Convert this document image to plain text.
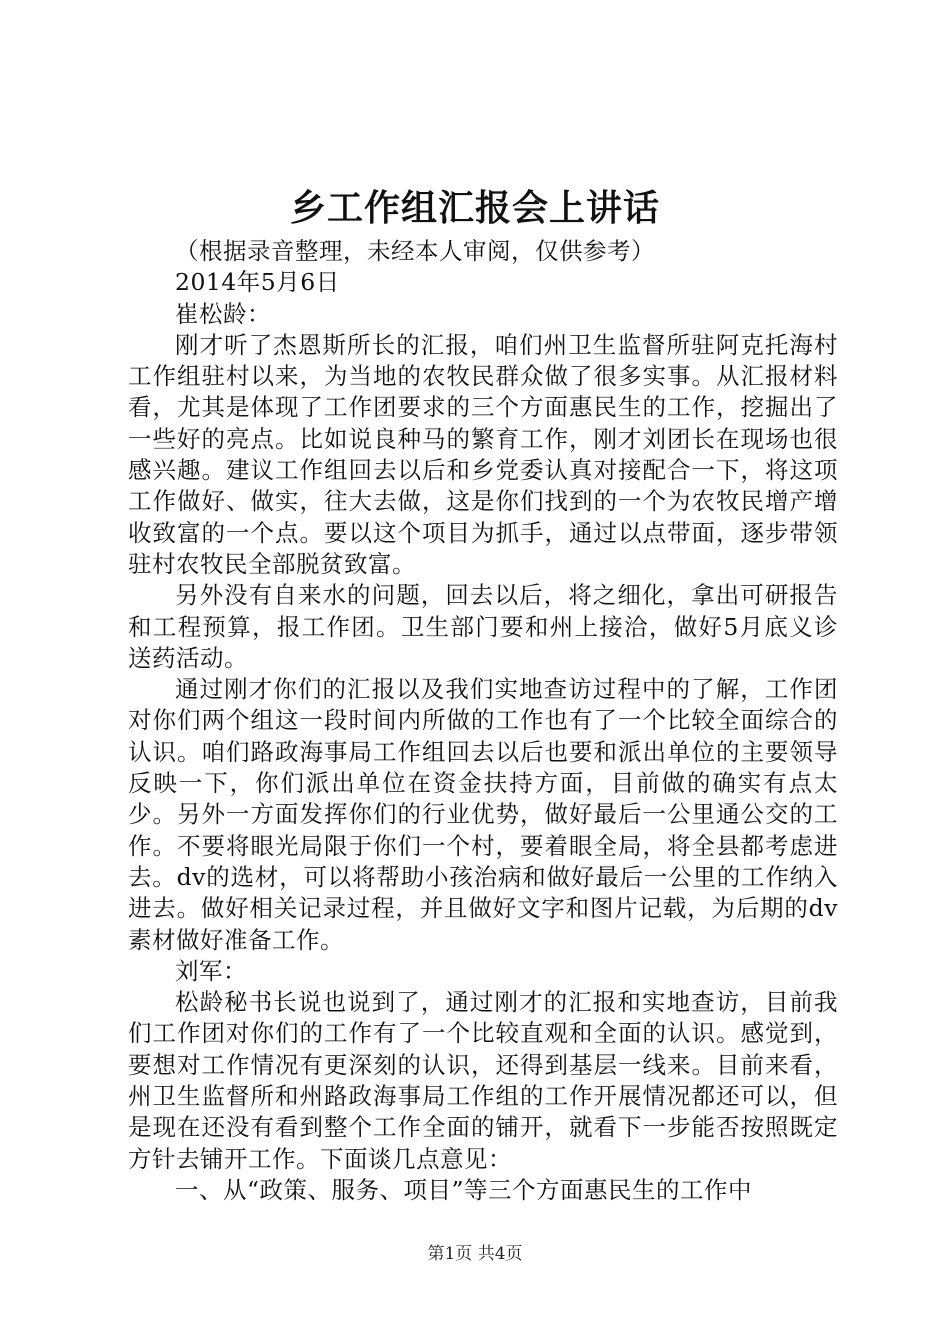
乡工作组汇报会上讲话

（根据录音整理，未经本人审阅，仅供参考）

2014年5月6日

崔松龄：

刚才听了杰恩斯所长的汇报，咱们州卫生监督所驻阿克托海村工作组驻村以来，为当地的农牧民群众做了很多实事。从汇报材料看，尤其是体现了工作团要求的三个方面惠民生的工作，挖掘出了一些好的亮点。比如说良种马的繁育工作，刚才刘团长在现场也很感兴趣。建议工作组回去以后和乡党委认真对接配合一下，将这项工作做好、做实，往大去做，这是你们找到的一个为农牧民增产增收致富的一个点。要以这个项目为抓手，通过以点带面，逐步带领驻村农牧民全部脱贫致富。

另外没有自来水的问题，回去以后，将之细化，拿出可研报告和工程预算，报工作团。卫生部门要和州上接洽，做好5月底义诊送药活动。

通过刚才你们的汇报以及我们实地查访过程中的了解，工作团对你们两个组这一段时间内所做的工作也有了一个比较全面综合的认识。咱们路政海事局工作组回去以后也要和派出单位的主要领导反映一下，你们派出单位在资金扶持方面，目前做的确实有点太少。另外一方面发挥你们的行业优势，做好最后一公里通公交的工作。不要将眼光局限于你们一个村，要着眼全局，将全县都考虑进去。dv的选材，可以将帮助小孩治病和做好最后一公里的工作纳入进去。做好相关记录过程，并且做好文字和图片记载，为后期的dv素材做好准备工作。

刘军：

松龄秘书长说也说到了，通过刚才的汇报和实地查访，目前我们工作团对你们的工作有了一个比较直观和全面的认识。感觉到，要想对工作情况有更深刻的认识，还得到基层一线来。目前来看，州卫生监督所和州路政海事局工作组的工作开展情况都还可以，但是现在还没有看到整个工作全面的铺开，就看下一步能否按照既定方针去铺开工作。下面谈几点意见：

一、从“政策、服务、项目”等三个方面惠民生的工作中

第1页 共4页
